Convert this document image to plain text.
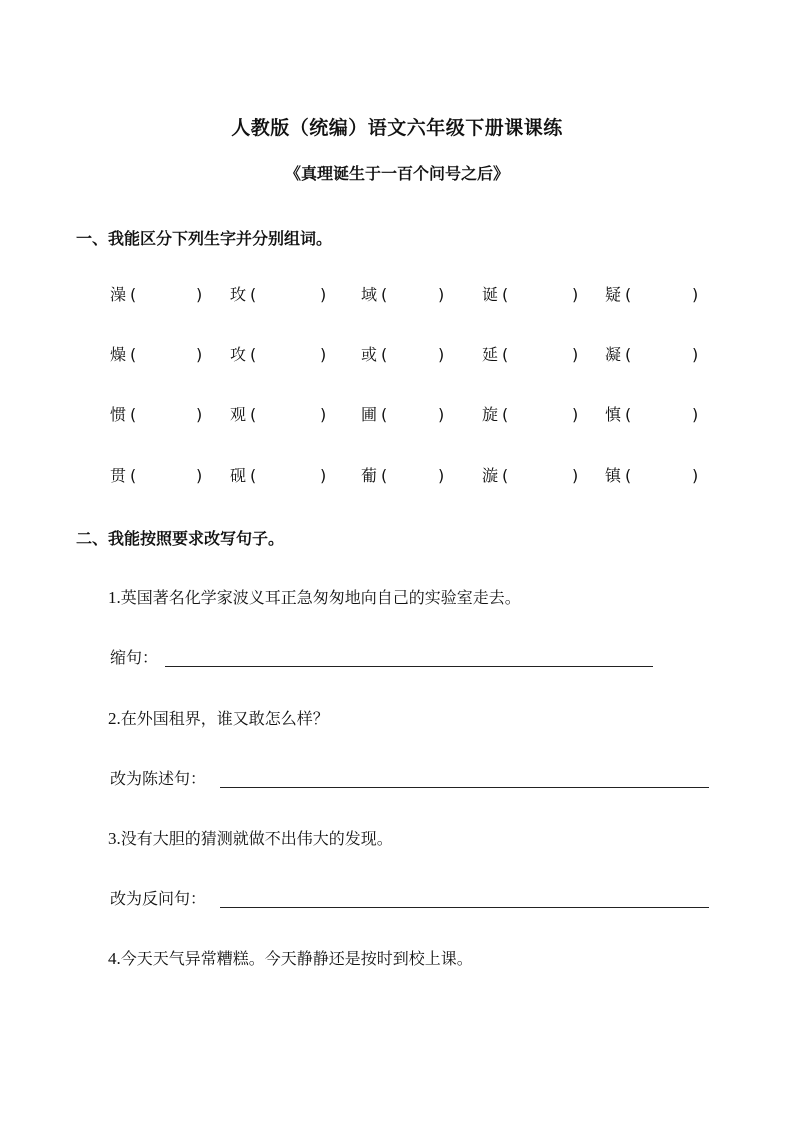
人教版（统编）语文六年级下册课课练
《真理诞生于一百个问号之后》
一、我能区分下列生字并分别组词。
澡 (	) 玫 (	) 域 (	) 诞 (	) 疑 (	)
燥 (	) 攻 (	) 或 (	) 延 (	) 凝 (	)
惯 (	) 观 (	) 圃 (	) 旋 (	) 慎 (	)
贯 (	) 砚 (	) 葡 (	) 漩 (	) 镇 (	)
二、我能按照要求改写句子。
1.英国著名化学家波义耳正急匆匆地向自己的实验室走去。
缩句：
2.在外国租界，谁又敢怎么样？
改为陈述句：
3.没有大胆的猜测就做不出伟大的发现。
改为反问句：
4.今天天气异常糟糕。今天静静还是按时到校上课。
